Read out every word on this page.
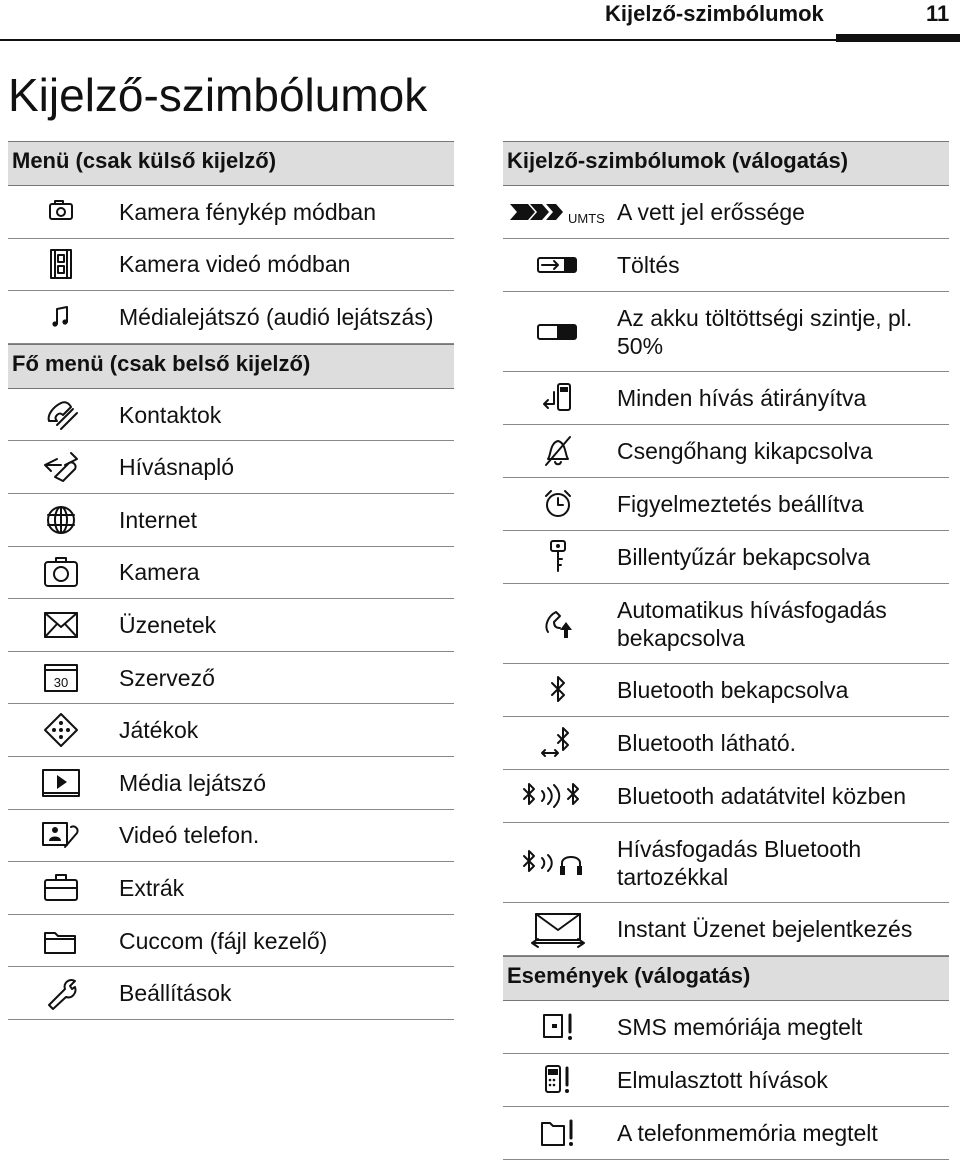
Kijelző-szimbólumok	11
Kijelző-szimbólumok
Menü (csak külső kijelző)
Kamera fénykép módban
Kamera videó módban
Médialejátszó (audió lejátszás)
Fő menü (csak belső kijelző)
Kontaktok
Hívásnapló
Internet
Kamera
Üzenetek
30 Szervező
Játékok
Média lejátszó
Videó telefon.
Extrák
Cuccom (fájl kezelő)
Beállítások
Kijelző-szimbólumok (válogatás)
UMTS A vett jel erőssége
Töltés
Az akku töltöttségi szintje, pl. 50%
Minden hívás átirányítva
Csengőhang kikapcsolva
Figyelmeztetés beállítva
Billentyűzár bekapcsolva
Automatikus hívásfogadás bekapcsolva
Bluetooth bekapcsolva
Bluetooth látható.
Bluetooth adatátvitel közben
Hívásfogadás Bluetooth tartozékkal
Instant Üzenet bejelentkezés
Események (válogatás)
SMS memóriája megtelt
Elmulasztott hívások
A telefonmemória megtelt
